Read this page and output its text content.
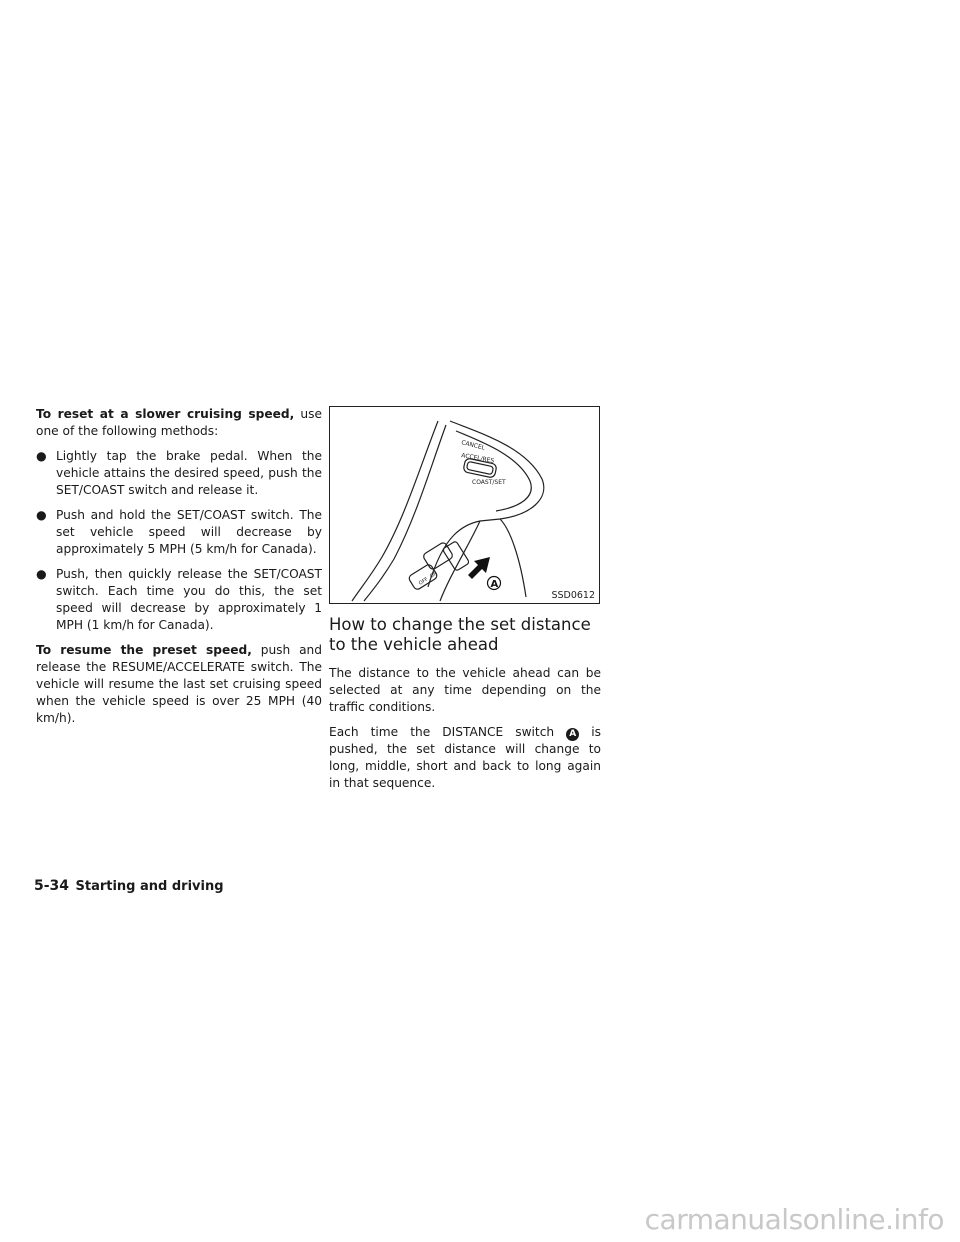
To reset at a slower cruising speed, use one of the following methods:

● Lightly tap the brake pedal. When the vehicle attains the desired speed, push the SET/COAST switch and release it.
● Push and hold the SET/COAST switch. The set vehicle speed will decrease by approximately 5 MPH (5 km/h for Canada).
● Push, then quickly release the SET/COAST switch. Each time you do this, the set speed will decrease by approximately 1 MPH (1 km/h for Canada).

To resume the preset speed, push and release the RESUME/ACCELERATE switch. The vehicle will resume the last set cruising speed when the vehicle speed is over 25 MPH (40 km/h).

CANCEL
ACCEL/RES
COAST/SET
ON
OFF	A
SSD0612
How to change the set distance to the vehicle ahead

The distance to the vehicle ahead can be selected at any time depending on the traffic conditions.

Each time the DISTANCE switch A is pushed, the set distance will change to long, middle, short and back to long again in that sequence.

5-34 Starting and driving
carmanualsonline.info
